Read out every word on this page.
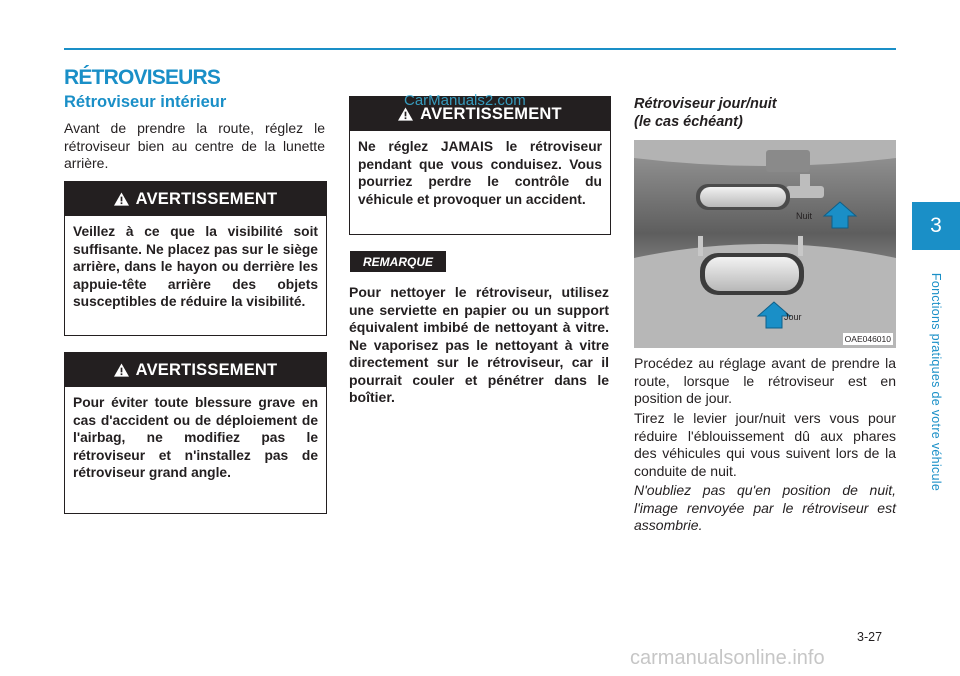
RÉTROVISEURS
Rétroviseur intérieur

Avant de prendre la route, réglez le rétroviseur bien au centre de la lunette arrière.

AVERTISSEMENT

Veillez à ce que la visibilité soit suffisante. Ne placez pas sur le siège arrière, dans le hayon ou derrière les appuie-tête arrière des objets susceptibles de réduire la visibilité.

AVERTISSEMENT

Pour éviter toute blessure grave en cas d'accident ou de déploiement de l'airbag, ne modifiez pas le rétroviseur et n'installez pas de rétroviseur grand angle.

AVERTISSEMENT

Ne réglez JAMAIS le rétroviseur pendant que vous conduisez. Vous pourriez perdre le contrôle du véhicule et provoquer un accident.

CarManuals2.com
REMARQUE

Pour nettoyer le rétroviseur, utilisez une serviette en papier ou un support équivalent imbibé de nettoyant à vitre. Ne vaporisez pas le nettoyant à vitre directement sur le rétroviseur, car il pourrait couler et pénétrer dans le boîtier.

Rétroviseur jour/nuit
(le cas échéant)
Nuit
Jour
OAE046010

Procédez au réglage avant de prendre la route, lorsque le rétroviseur est en position de jour.

Tirez le levier jour/nuit vers vous pour réduire l'éblouissement dû aux phares des véhicules qui vous suivent lors de la conduite de nuit.

N'oubliez pas qu'en position de nuit, l'image renvoyée par le rétroviseur est assombrie.

3
Fonctions pratiques de votre véhicule
3-27
carmanualsonline.info
